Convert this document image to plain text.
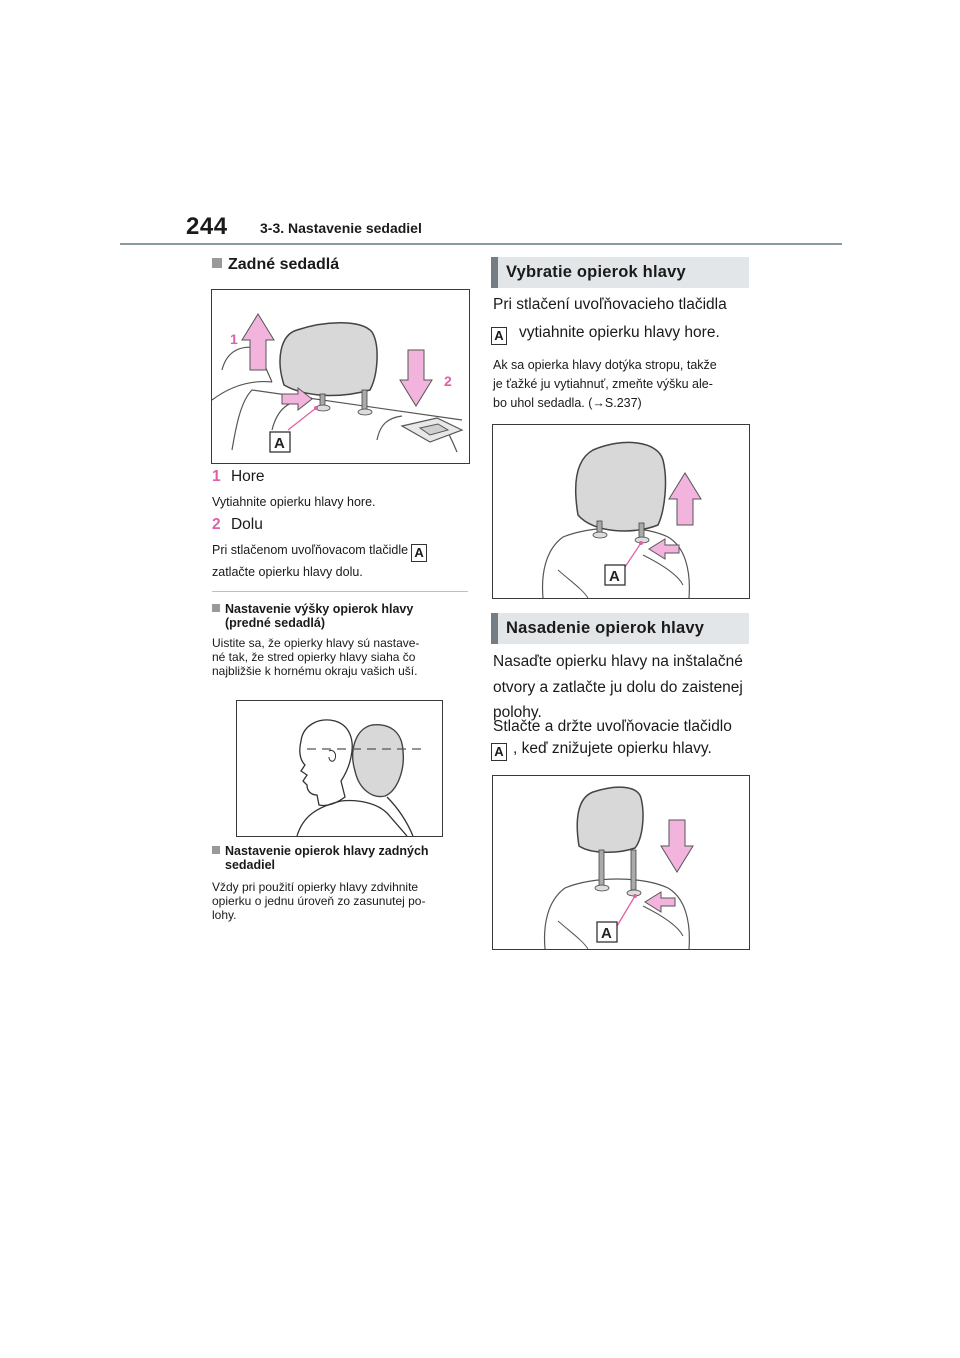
244 3-3. Nastavenie sedadiel
Zadné sedadlá
1
2
A
1 Hore
Vytiahnite opierku hlavy hore.
2 Dolu
Pri stlačenom uvoľňovacom tlačidle A
zatlačte opierku hlavy dolu.
Nastavenie výšky opierok hlavy
(predné sedadlá)
Uistite sa, že opierky hlavy sú nastave-
né tak, že stred opierky hlavy siaha čo
najbližšie k hornému okraju vašich uší.
Nastavenie opierok hlavy zadných
sedadiel
Vždy pri použití opierky hlavy zdvihnite
opierku o jednu úroveň zo zasunutej po-
lohy.
Vybratie opierok hlavy
Pri stlačení uvoľňovacieho tlačidla
A vytiahnite opierku hlavy hore.
Ak sa opierka hlavy dotýka stropu, takže
je ťažké ju vytiahnuť, zmeňte výšku ale-
bo uhol sedadla. (→S.237)
A
Nasadenie opierok hlavy
Nasaďte opierku hlavy na inštalačné
otvory a zatlačte ju dolu do zaistenej
polohy.
Stlačte a držte uvoľňovacie tlačidlo
A , keď znižujete opierku hlavy.
A
